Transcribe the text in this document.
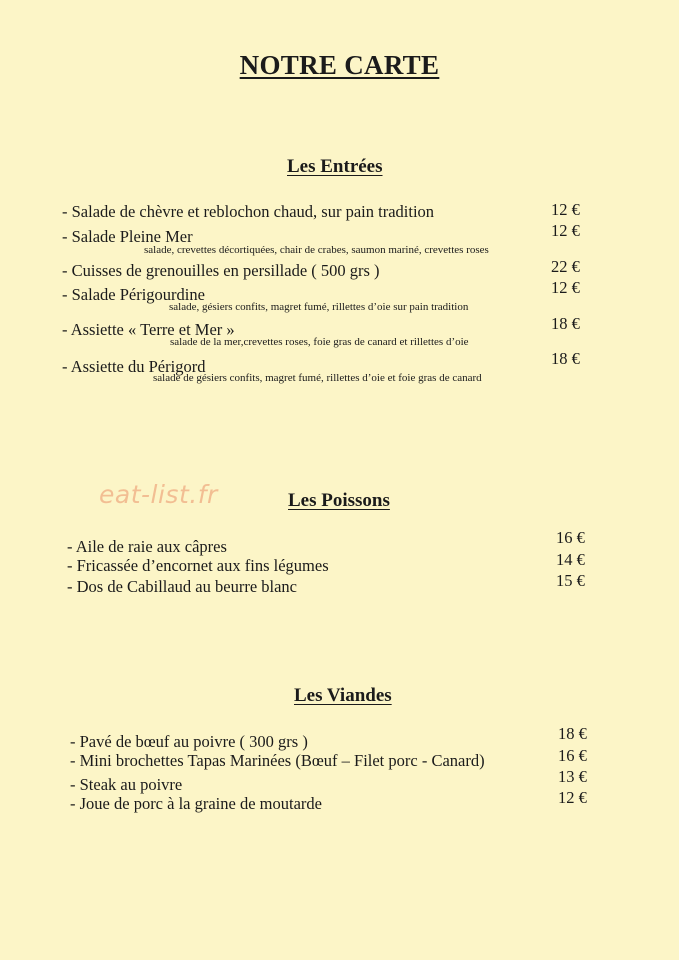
NOTRE CARTE
Les Entrées
- Salade de chèvre et reblochon chaud, sur pain tradition	12 €
- Salade Pleine Mer	12 €
salade, crevettes décortiquées, chair de crabes, saumon mariné, crevettes roses
- Cuisses de grenouilles en persillade ( 500 grs )	22 €
- Salade Périgourdine	12 €
salade, gésiers confits, magret fumé, rillettes d’oie sur pain tradition
- Assiette « Terre et Mer »	18 €
salade de la mer,crevettes roses, foie gras de canard et rillettes d’oie
- Assiette du Périgord	18 €
salade de gésiers confits, magret fumé, rillettes d’oie et foie gras de canard
eat-list.fr	Les Poissons
- Aile de raie aux câpres	16 €
- Fricassée d’encornet aux fins légumes	14 €
- Dos de Cabillaud au beurre blanc	15 €
Les Viandes
- Pavé de bœuf au poivre ( 300 grs )	18 €
- Mini brochettes Tapas Marinées (Bœuf – Filet porc - Canard)	16 €
- Steak au poivre	13 €
- Joue de porc à la graine de moutarde	12 €
